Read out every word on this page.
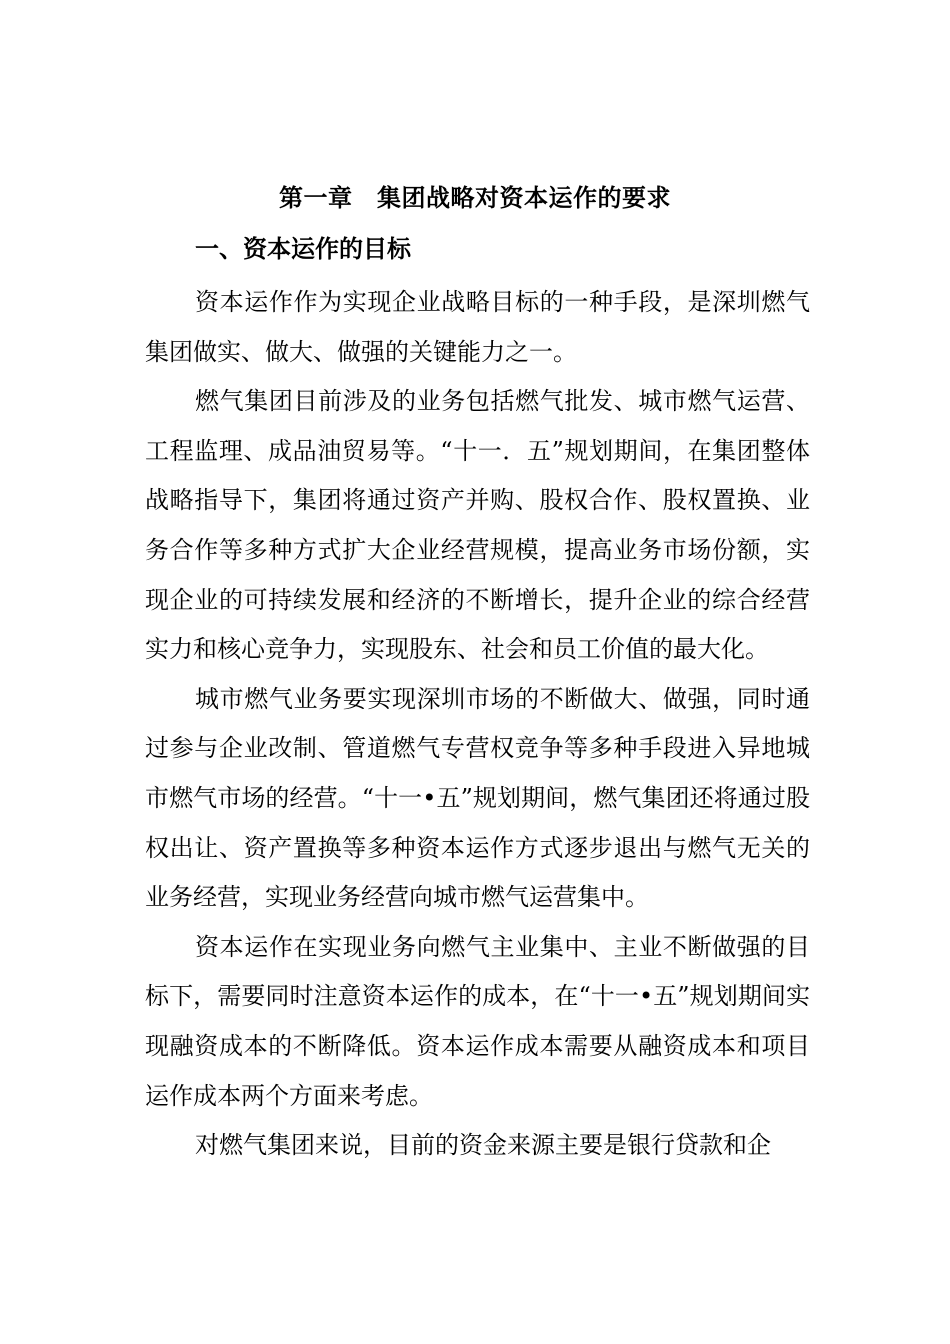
第一章　集团战略对资本运作的要求
一、资本运作的目标

资本运作作为实现企业战略目标的一种手段，是深圳燃气集团做实、做大、做强的关键能力之一。

燃气集团目前涉及的业务包括燃气批发、城市燃气运营、工程监理、成品油贸易等。“十一．五”规划期间，在集团整体战略指导下，集团将通过资产并购、股权合作、股权置换、业务合作等多种方式扩大企业经营规模，提高业务市场份额，实现企业的可持续发展和经济的不断增长，提升企业的综合经营实力和核心竞争力，实现股东、社会和员工价值的最大化。

城市燃气业务要实现深圳市场的不断做大、做强，同时通过参与企业改制、管道燃气专营权竞争等多种手段进入异地城市燃气市场的经营。“十一•五”规划期间，燃气集团还将通过股权出让、资产置换等多种资本运作方式逐步退出与燃气无关的业务经营，实现业务经营向城市燃气运营集中。

资本运作在实现业务向燃气主业集中、主业不断做强的目标下，需要同时注意资本运作的成本，在“十一•五”规划期间实现融资成本的不断降低。资本运作成本需要从融资成本和项目运作成本两个方面来考虑。

对燃气集团来说，目前的资金来源主要是银行贷款和企
